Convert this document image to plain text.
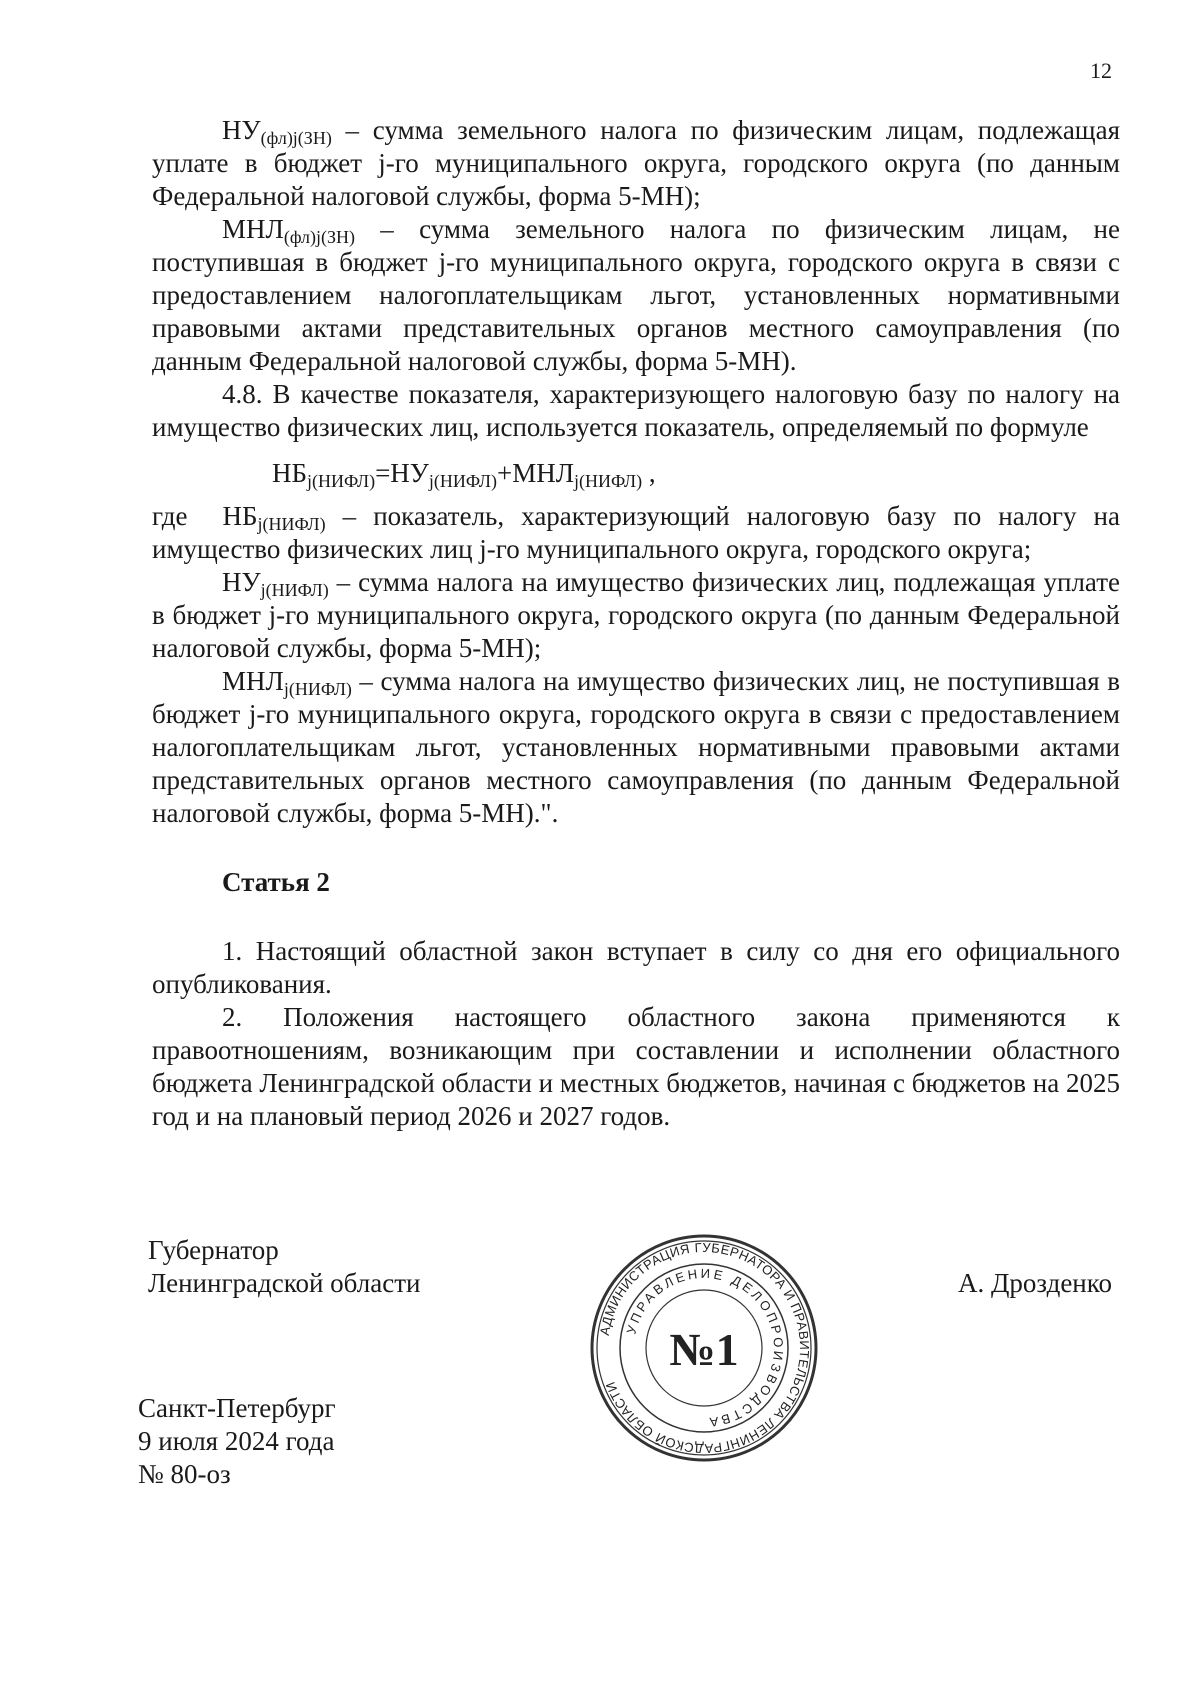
12

$НУ_{(фл)j(ЗН)}$ – сумма земельного налога по физическим лицам, подлежащая уплате в бюджет j-го муниципального округа, городского округа (по данным Федеральной налоговой службы, форма 5-МН);

$МНЛ_{(фл)j(ЗН)}$ – сумма земельного налога по физическим лицам, не поступившая в бюджет j-го муниципального округа, городского округа в связи с предоставлением налогоплательщикам льгот, установленных нормативными правовыми актами представительных органов местного самоуправления (по данным Федеральной налоговой службы, форма 5-МН).

4.8. В качестве показателя, характеризующего налоговую базу по налогу на имущество физических лиц, используется показатель, определяемый по формуле

$НБ_{j(НИФЛ)}=НУ_{j(НИФЛ)}+МНЛ_{j(НИФЛ)}$ ,

где $НБ_{j(НИФЛ)}$ – показатель, характеризующий налоговую базу по налогу на имущество физических лиц j-го муниципального округа, городского округа;

$НУ_{j(НИФЛ)}$ – сумма налога на имущество физических лиц, подлежащая уплате в бюджет j-го муниципального округа, городского округа (по данным Федеральной налоговой службы, форма 5-МН);

$МНЛ_{j(НИФЛ)}$ – сумма налога на имущество физических лиц, не поступившая в бюджет j-го муниципального округа, городского округа в связи с предоставлением налогоплательщикам льгот, установленных нормативными правовыми актами представительных органов местного самоуправления (по данным Федеральной налоговой службы, форма 5-МН).".

Статья 2

1. Настоящий областной закон вступает в силу со дня его официального опубликования.

2. Положения настоящего областного закона применяются к правоотношениям, возникающим при составлении и исполнении областного бюджета Ленинградской области и местных бюджетов, начиная с бюджетов на 2025 год и на плановый период 2026 и 2027 годов.

Губернатор
Ленинградской области
АДМИНИСТРАЦИЯ ГУБЕРНАТОРА И ПРАВИТЕЛЬСТВА ЛЕНИНГРАДСКОЙ ОБЛАСТИ
УПРАВЛЕНИЕ ДЕЛОПРОИЗВОДСТВА
№1
А. Дрозденко
Санкт-Петербург
9 июля 2024 года
№ 80-оз
